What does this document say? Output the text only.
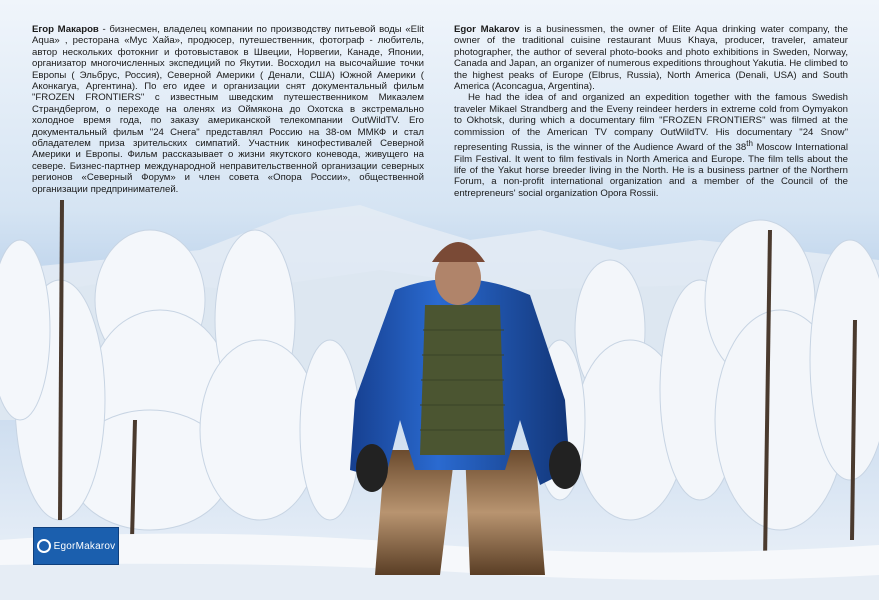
Егор Макаров - бизнесмен, владелец компании по производству питьевой воды «Elit Aqua» , ресторана «Мус Хайа», продюсер, путешественник, фотограф - любитель, автор нескольких фотокниг и фотовыставок в Швеции, Норвегии, Канаде, Японии, организатор многочисленных экспедиций по Якутии. Восходил на высочайшие точки Европы ( Эльбрус, Россия), Северной Америки ( Денали, США) Южной Америки ( Аконкагуа, Аргентина). По его идее и организации снят документальный фильм "FROZEN FRONTIERS" с известным шведским путешественником Микаэлем Страндбергом, о переходе на оленях из Оймякона до Охотска в экстремально холодное время года, по заказу американской телекомпании OutWildTV. Его документальный фильм "24 Снега" представлял Россию на 38-ом ММКФ и стал обладателем приза зрительских симпатий. Участник кинофестивалей Северной Америки и Европы. Фильм рассказывает о жизни якутского коневода, живущего на севере. Бизнес-партнер международной неправительственной организации северных регионов «Северный Форум» и член совета «Опора России», общественной организации предпринимателей.

Egor Makarov is a businessmen, the owner of Elite Aqua drinking water company, the owner of the traditional cuisine restaurant Muus Khaya, producer, traveler, amateur photographer, the author of several photo-books and photo exhibitions in Sweden, Norway, Canada and Japan, an organizer of numerous expeditions throughout Yakutia. He climbed to the highest peaks of Europe (Elbrus, Russia), North America (Denali, USA) and South America (Aconcagua, Argentina).

He had the idea of and organized an expedition together with the famous Swedish traveler Mikael Strandberg and the Eveny reindeer herders in extreme cold from Oymyakon to Okhotsk, during which a documentary film "FROZEN FRONTIERS" was filmed at the commission of the American TV company OutWildTV. His documentary "24 Snow" representing Russia, is the winner of the Audience Award of the 38th Moscow International Film Festival. It went to film festivals in North America and Europe. The film tells about the life of the Yakut horse breeder living in the North. He is a business partner of the Northern Forum, a non-profit international organization and a member of the Council of the entrepreneurs' social organization Opora Rossii.

EgorMakarov
